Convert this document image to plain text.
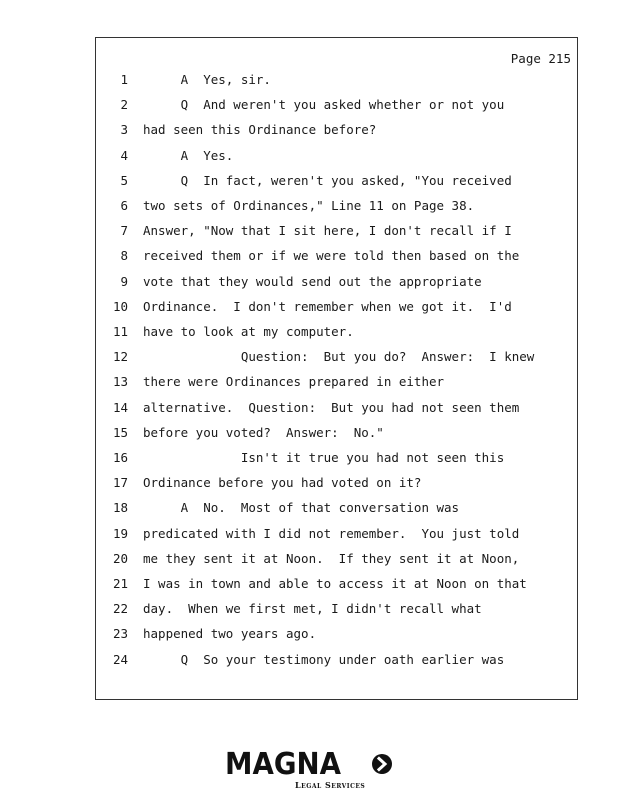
Page 215
1 A  Yes, sir.
2 Q  And weren't you asked whether or not you
3 had seen this Ordinance before?
4 A  Yes.
5 Q  In fact, weren't you asked, "You received
6 two sets of Ordinances," Line 11 on Page 38.
7 Answer, "Now that I sit here, I don't recall if I
8 received them or if we were told then based on the
9 vote that they would send out the appropriate
10 Ordinance.  I don't remember when we got it.  I'd
11 have to look at my computer.
12 Question:  But you do?  Answer:  I knew
13 there were Ordinances prepared in either
14 alternative.  Question:  But you had not seen them
15 before you voted?  Answer:  No."
16 Isn't it true you had not seen this
17 Ordinance before you had voted on it?
18 A  No.  Most of that conversation was
19 predicated with I did not remember.  You just told
20 me they sent it at Noon.  If they sent it at Noon,
21 I was in town and able to access it at Noon on that
22 day.  When we first met, I didn't recall what
23 happened two years ago.
24 Q  So your testimony under oath earlier was
MAGNA
Legal Services
